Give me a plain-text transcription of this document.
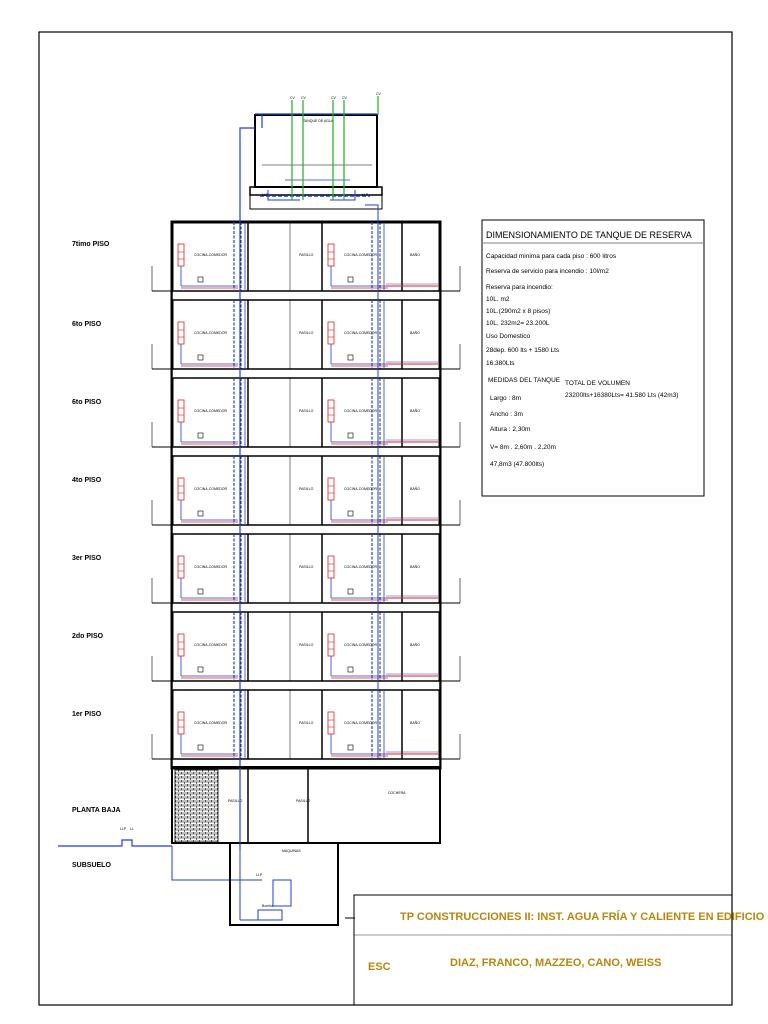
TANQUE DE AGUA
LLP	LLP
CV CV	CV CV
CV
COCINA-COMEDOR	COCINA-COMEDOR
PASILLO	BAÑO
COCINA-COMEDOR	COCINA-COMEDOR
PASILLO	BAÑO
COCINA-COMEDOR	COCINA-COMEDOR
PASILLO	BAÑO
COCINA-COMEDOR	COCINA-COMEDOR
PASILLO	BAÑO
COCINA-COMEDOR	COCINA-COMEDOR
PASILLO	BAÑO
COCINA-COMEDOR	COCINA-COMEDOR
PASILLO	BAÑO
COCINA-COMEDOR	COCINA-COMEDOR
PASILLO	BAÑO
7timo PISO
6to PISO
6to PISO
4to PISO
3er PISO
2do PISO
1er PISO
PLANTA BAJA
SUBSUELO
PASILLO	PASILLO
COCHERA
LLP LL
MAQUINAS
Bomba
LLP
DIMENSIONAMIENTO DE TANQUE DE RESERVA
Capacidad minima para cada piso : 600 litros
Reserva de servicio para incendio : 10l/m2
Reserva para incendio:
10L. m2
10L.(290m2 x 8 pisos)
10L. 232m2= 23.200L
Uso Domestico
28dep. 600 lts + 1580 Lts
16.380Lts
MEDIDAS DEL TANQUE
Largo : 8m
Ancho : 3m
Altura : 2,30m
V= 8m . 2,60m . 2,20m
47,8m3 (47.800lts)
TOTAL DE VOLUMEN
23200lts+16380Lts= 41.580 Lts (42m3)
TP CONSTRUCCIONES II: INST. AGUA FRÍA Y CALIENTE EN EDIFICIO
ESC	DIAZ, FRANCO, MAZZEO, CANO, WEISS
